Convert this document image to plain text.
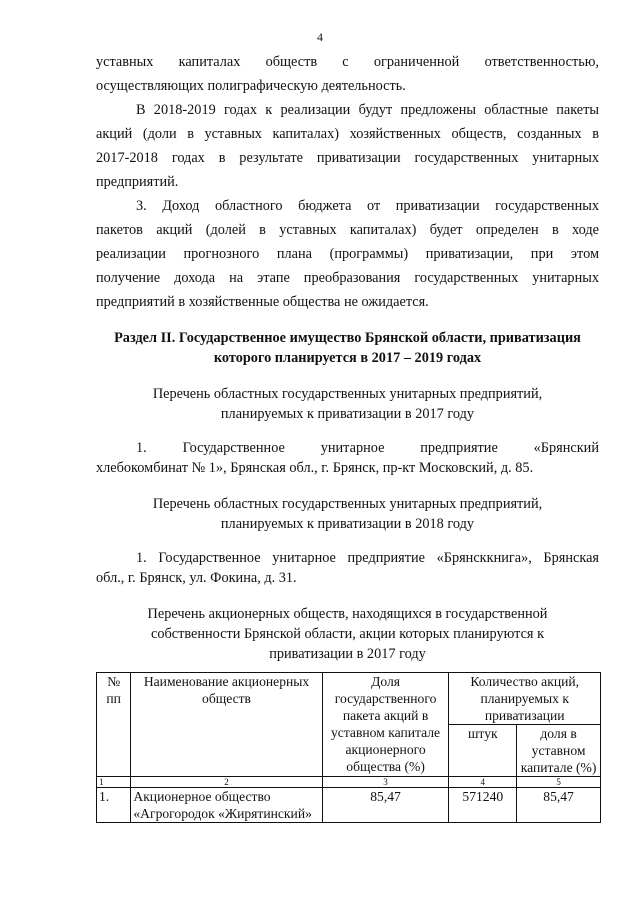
4

уставных капиталах обществ с ограниченной ответственностью,

осуществляющих полиграфическую деятельность.

В 2018-2019 годах к реализации будут предложены областные пакеты

акций (доли в уставных капиталах) хозяйственных обществ, созданных в

2017-2018 годах в результате приватизации государственных унитарных

предприятий.

3. Доход областного бюджета от приватизации государственных

пакетов акций (долей в уставных капиталах) будет определен в ходе

реализации прогнозного плана (программы) приватизации, при этом

получение дохода на этапе преобразования государственных унитарных

предприятий в хозяйственные общества не ожидается.

Раздел II. Государственное имущество Брянской области, приватизация
которого планируется в 2017 – 2019 годах
Перечень областных государственных унитарных предприятий,
планируемых к приватизации в 2017 году

1. Государственное унитарное предприятие «Брянский

хлебокомбинат № 1», Брянская обл., г. Брянск, пр-кт Московский, д. 85.

Перечень областных государственных унитарных предприятий,
планируемых к приватизации в 2018 году

1. Государственное унитарное предприятие «Брянсккнига», Брянская

обл., г. Брянск, ул. Фокина, д. 31.

Перечень акционерных обществ, находящихся в государственной
собственности Брянской области, акции которых планируются к
приватизации в 2017 году
№ пп	Наименование акционерных обществ	Доля государственного пакета акций в уставном капитале акционерного общества (%)	Количество акций, планируемых к приватизации	
			штук	доля в уставном капитале (%)
1	2	3	4	5
1.	Акционерное общество «Агрогородок «Жирятинский»	85,47	571240	85,47
